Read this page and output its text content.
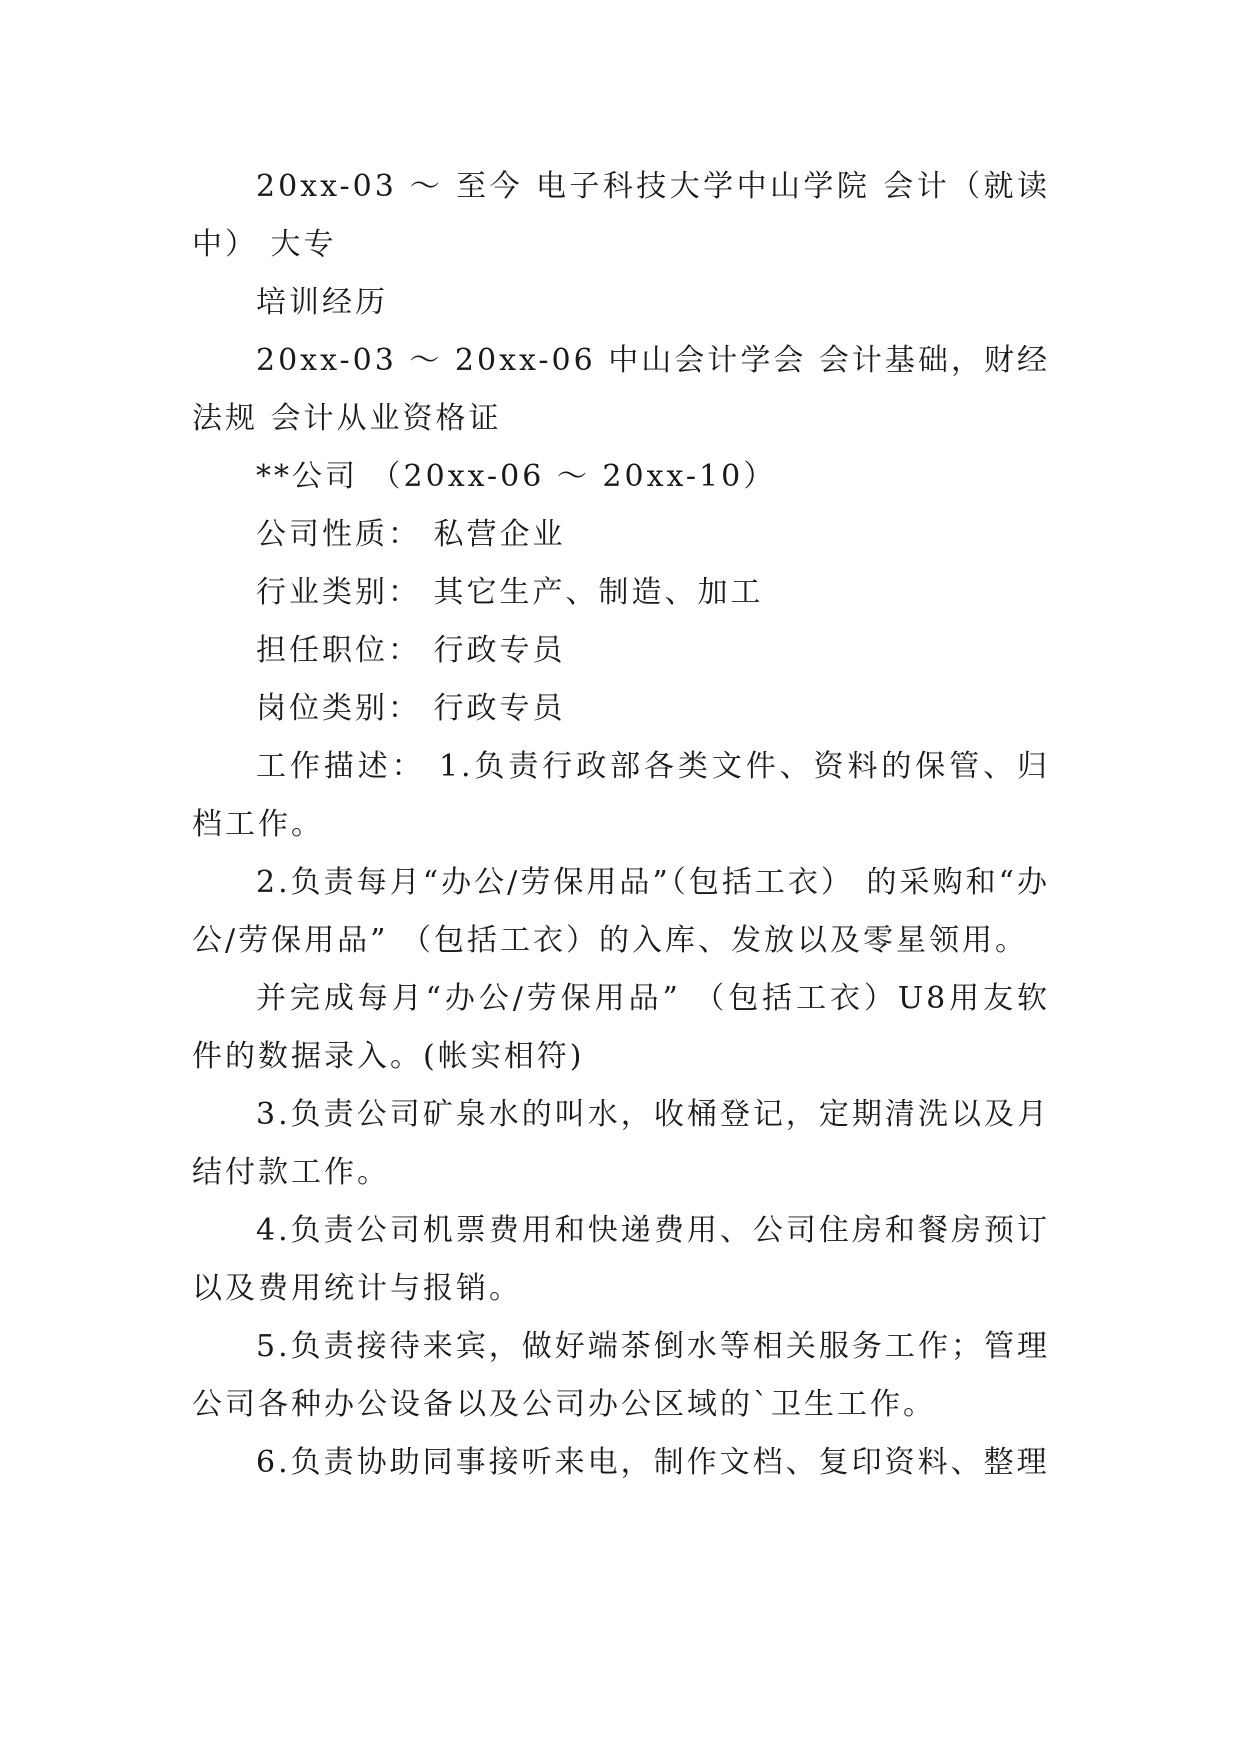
20xx-03 ～ 至今 电子科技大学中山学院 会计（就读中） 大专

培训经历

20xx-03 ～ 20xx-06 中山会计学会 会计基础，财经法规 会计从业资格证

**公司 （20xx-06 ～ 20xx-10）

公司性质： 私营企业

行业类别： 其它生产、制造、加工

担任职位： 行政专员

岗位类别： 行政专员

工作描述： 1.负责行政部各类文件、资料的保管、归档工作。

2.负责每月“办公/劳保用品”（包括工衣） 的采购和“办公/劳保用品” （包括工衣）的入库、发放以及零星领用。

并完成每月“办公/劳保用品” （包括工衣）U8用友软件的数据录入。(帐实相符)

3.负责公司矿泉水的叫水，收桶登记，定期清洗以及月结付款工作。

4.负责公司机票费用和快递费用、公司住房和餐房预订以及费用统计与报销。

5.负责接待来宾，做好端茶倒水等相关服务工作；管理公司各种办公设备以及公司办公区域的`卫生工作。

6.负责协助同事接听来电，制作文档、复印资料、整理
